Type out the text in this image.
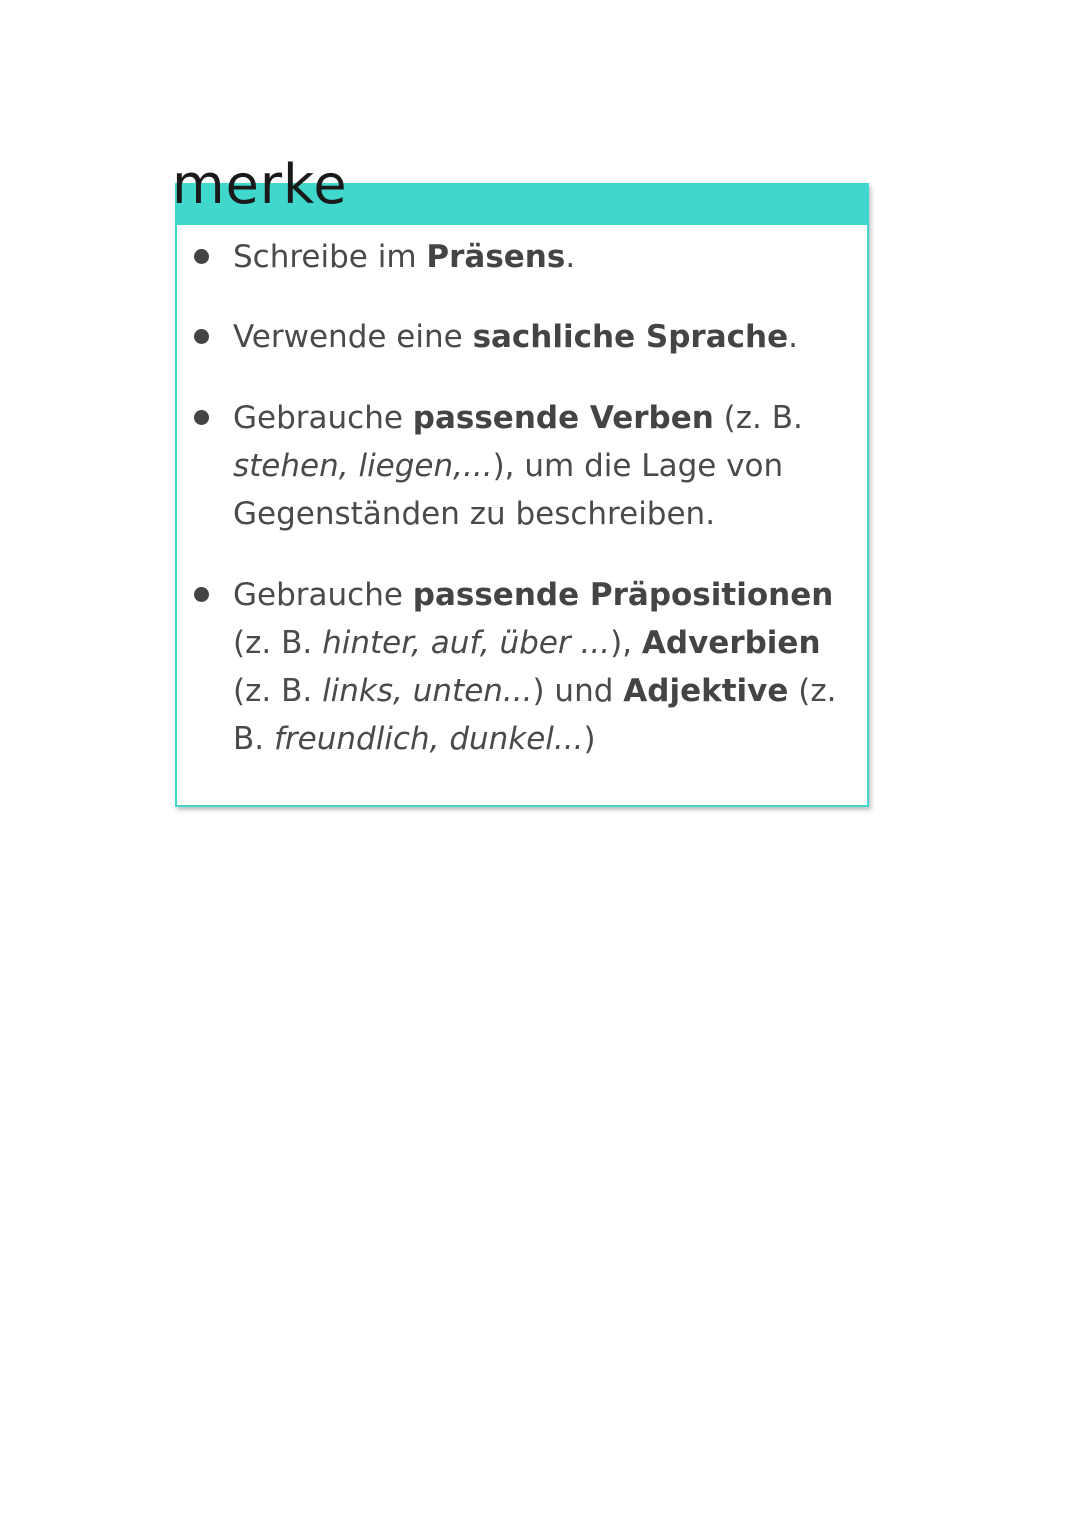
merke
Schreibe im Präsens.
Verwende eine sachliche Sprache.
Gebrauche passende Verben (z. B. stehen, liegen,...), um die Lage von Gegenständen zu beschreiben.
Gebrauche passende Präpositionen (z. B. hinter, auf, über ...), Adverbien (z. B. links, unten...) und Adjektive (z. B. freundlich, dunkel...)
